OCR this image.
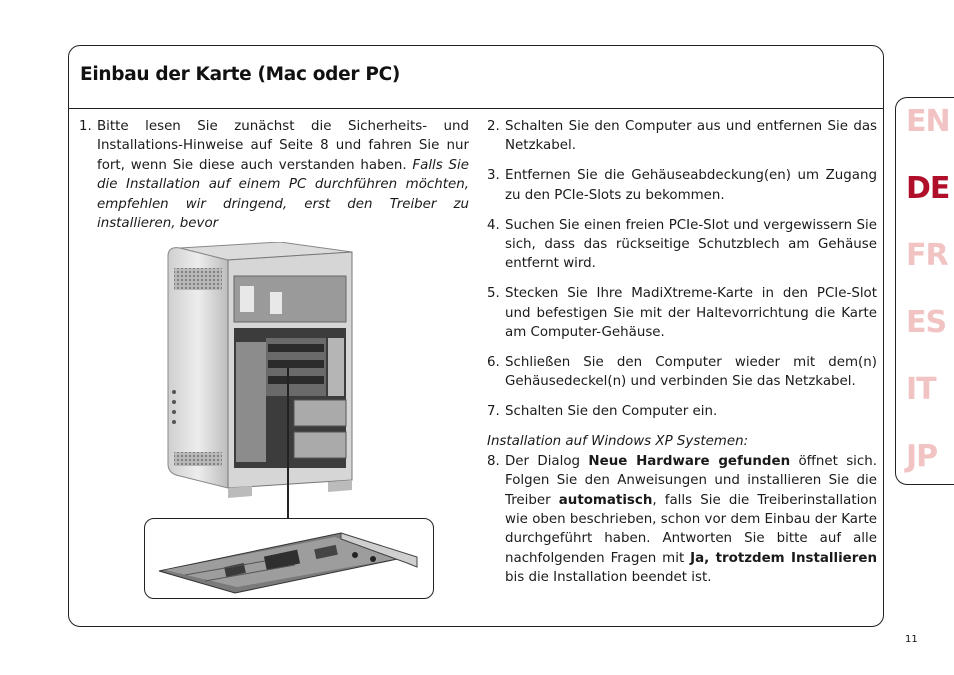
Einbau der Karte (Mac oder PC)
1. Bitte lesen Sie zunächst die Sicherheits- und Installations-Hinweise auf Seite 8 und fahren Sie nur fort, wenn Sie diese auch verstanden haben. Falls Sie die Installation auf einem PC durchführen möchten, empfehlen wir dringend, erst den Treiber zu installieren, bevor
2. Schalten Sie den Computer aus und entfernen Sie das Netzkabel.
3. Entfernen Sie die Gehäuseabdeckung(en) um Zugang zu den PCIe-Slots zu bekommen.
4. Suchen Sie einen freien PCIe-Slot und vergewissern Sie sich, dass das rückseitige Schutzblech am Gehäuse entfernt wird.
5. Stecken Sie Ihre MadiXtreme-Karte in den PCIe-Slot und befestigen Sie mit der Haltevorrichtung die Karte am Computer-Gehäuse.
6. Schließen Sie den Computer wieder mit dem(n) Gehäusedeckel(n) und verbinden Sie das Netzkabel.
7. Schalten Sie den Computer ein.
Installation auf Windows XP Systemen:
8. Der Dialog Neue Hardware gefunden öffnet sich. Folgen Sie den Anweisungen und installieren Sie die Treiber automatisch, falls Sie die Treiberinstallation wie oben beschrieben, schon vor dem Einbau der Karte durchgeführt haben. Antworten Sie bitte auf alle nachfolgenden Fragen mit Ja, trotzdem Installieren bis die Installation beendet ist.
EN
DE
FR
ES
IT
JP
11
